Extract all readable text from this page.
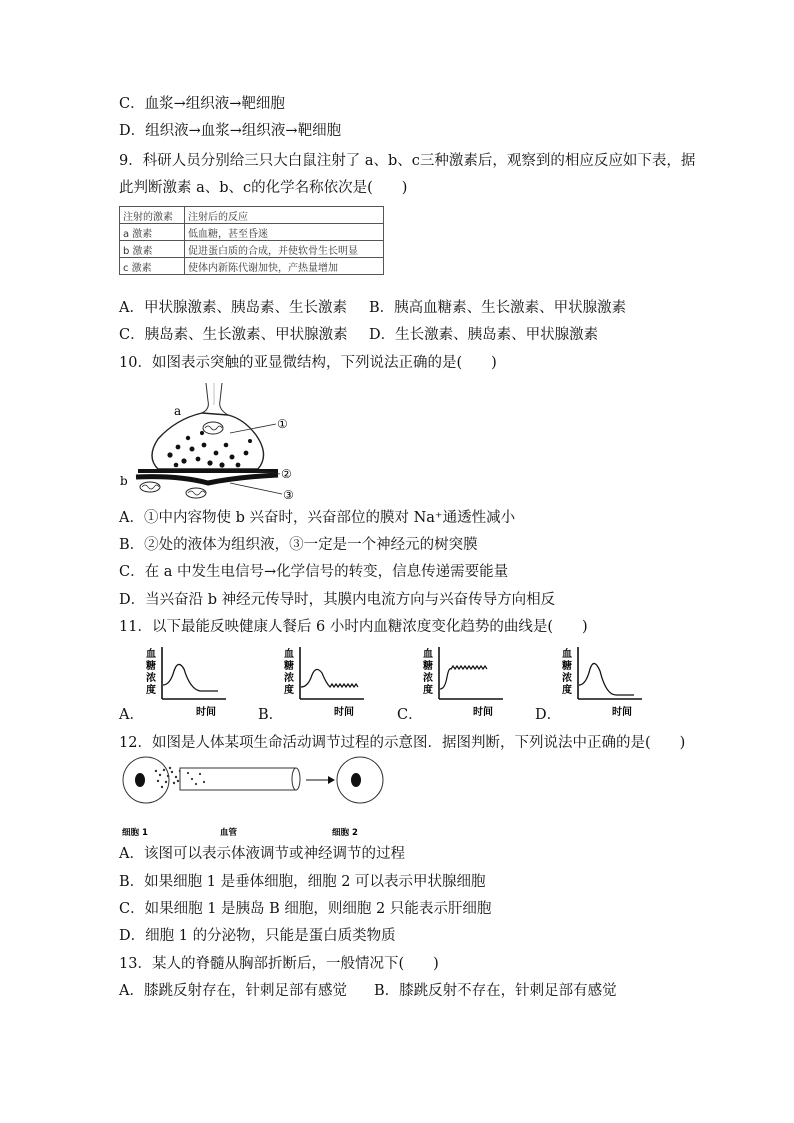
C．血浆→组织液→靶细胞
D．组织液→血浆→组织液→靶细胞
9．科研人员分别给三只大白鼠注射了 a、b、c三种激素后，观察到的相应反应如下表，据
此判断激素 a、b、c的化学名称依次是(　　)
注射的激素	注射后的反应
a 激素	低血糖，甚至昏迷
b 激素	促进蛋白质的合成，并使软骨生长明显
c 激素	使体内新陈代谢加快，产热量增加
A．甲状腺激素、胰岛素、生长激素 B．胰高血糖素、生长激素、甲状腺激素
C．胰岛素、生长激素、甲状腺激素 D．生长激素、胰岛素、甲状腺激素
10．如图表示突触的亚显微结构，下列说法正确的是(　　)
a
b
①
②
③
A．①中内容物使 b 兴奋时，兴奋部位的膜对 Na⁺通透性减小
B．②处的液体为组织液，③一定是一个神经元的树突膜
C．在 a 中发生电信号→化学信号的转变，信息传递需要能量
D．当兴奋沿 b 神经元传导时，其膜内电流方向与兴奋传导方向相反
11．以下最能反映健康人餐后 6 小时内血糖浓度变化趋势的曲线是(　　)
A．	B．	C．	D．
血
糖
浓
度
时间
血
糖
浓
度
时间
血
糖
浓
度
时间
血
糖
浓
度
时间
12．如图是人体某项生命活动调节过程的示意图．据图判断，下列说法中正确的是(　　)
细胞 1	血管	细胞 2
A．该图可以表示体液调节或神经调节的过程
B．如果细胞 1 是垂体细胞，细胞 2 可以表示甲状腺细胞
C．如果细胞 1 是胰岛 B 细胞，则细胞 2 只能表示肝细胞
D．细胞 1 的分泌物，只能是蛋白质类物质
13．某人的脊髓从胸部折断后，一般情况下(　　)
A．膝跳反射存在，针刺足部有感觉 B．膝跳反射不存在，针刺足部有感觉
